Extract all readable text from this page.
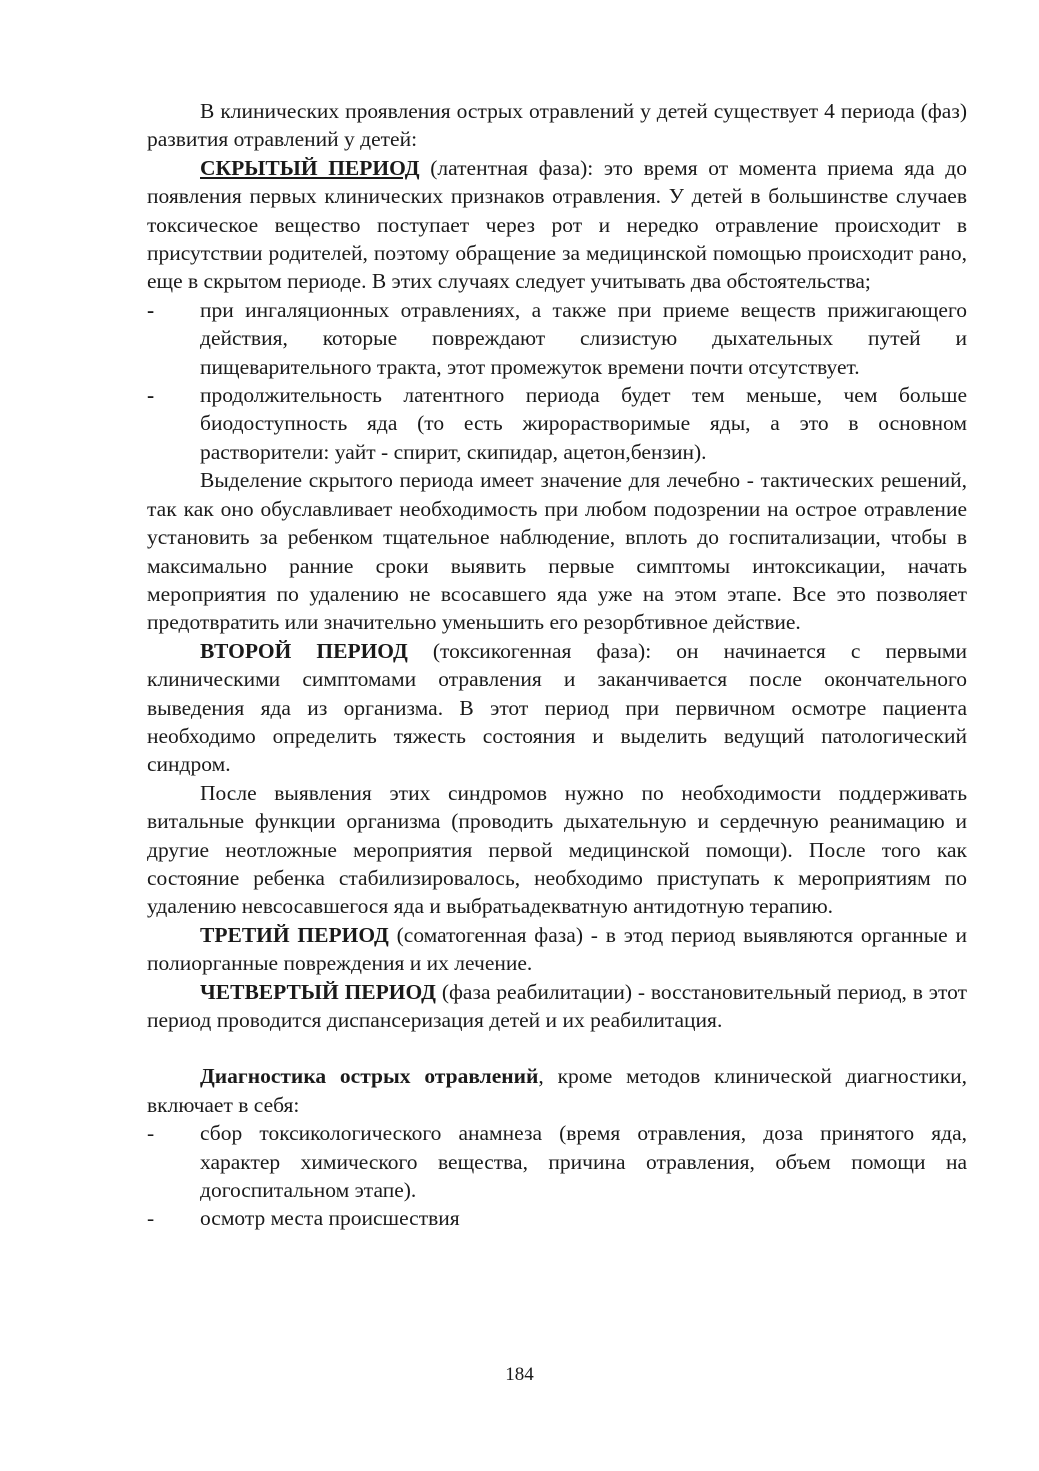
В клинических проявления острых отравлений у детей существует 4 периода (фаз) развития отравлений у детей:

СКРЫТЫЙ ПЕРИОД (латентная фаза): это время от момента приема яда до появления первых клинических признаков отравления. У детей в большинстве случаев токсическое вещество поступает через рот и нередко отравление происходит в присутствии родителей, поэтому обращение за медицинской помощью происходит рано, еще в скрытом периоде. В этих случаях следует учитывать два обстоятельства;

- при ингаляционных отравлениях, а также при приеме веществ прижигающего действия, которые повреждают слизистую дыхательных путей и пищеварительного тракта, этот промежуток времени почти отсутствует.
- продолжительность латентного периода будет тем меньше, чем больше биодоступность яда (то есть жирорастворимые яды, а это в основном растворители: уайт - спирит, скипидар, ацетон,бензин).

Выделение скрытого периода имеет значение для лечебно - тактических решений, так как оно обуславливает необходимость при любом подозрении на острое отравление установить за ребенком тщательное наблюдение, вплоть до госпитализации, чтобы в максимально ранние сроки выявить первые симптомы интоксикации, начать мероприятия по удалению не всосавшего яда уже на этом этапе. Все это позволяет предотвратить или значительно уменьшить его резорбтивное действие.

ВТОРОЙ ПЕРИОД (токсикогенная фаза): он начинается с первыми клиническими симптомами отравления и заканчивается после окончательного выведения яда из организма. В этот период при первичном осмотре пациента необходимо определить тяжесть состояния и выделить ведущий патологический синдром.

После выявления этих синдромов нужно по необходимости поддерживать витальные функции организма (проводить дыхательную и сердечную реанимацию и другие неотложные мероприятия первой медицинской помощи). После того как состояние ребенка стабилизировалось, необходимо приступать к мероприятиям по удалению невсосавшегося яда и выбратьадекватную антидотную терапию.

ТРЕТИЙ ПЕРИОД (соматогенная фаза) - в этод период выявляются органные и полиорганные повреждения и их лечение.

ЧЕТВЕРТЫЙ ПЕРИОД (фаза реабилитации) - восстановительный период, в этот период проводится диспансеризация детей и их реабилитация.

Диагностика острых отравлений, кроме методов клинической диагностики, включает в себя:

- сбор токсикологического анамнеза (время отравления, доза принятого яда, характер химического вещества, причина отравления, объем помощи на догоспитальном этапе).
- осмотр места происшествия
184
